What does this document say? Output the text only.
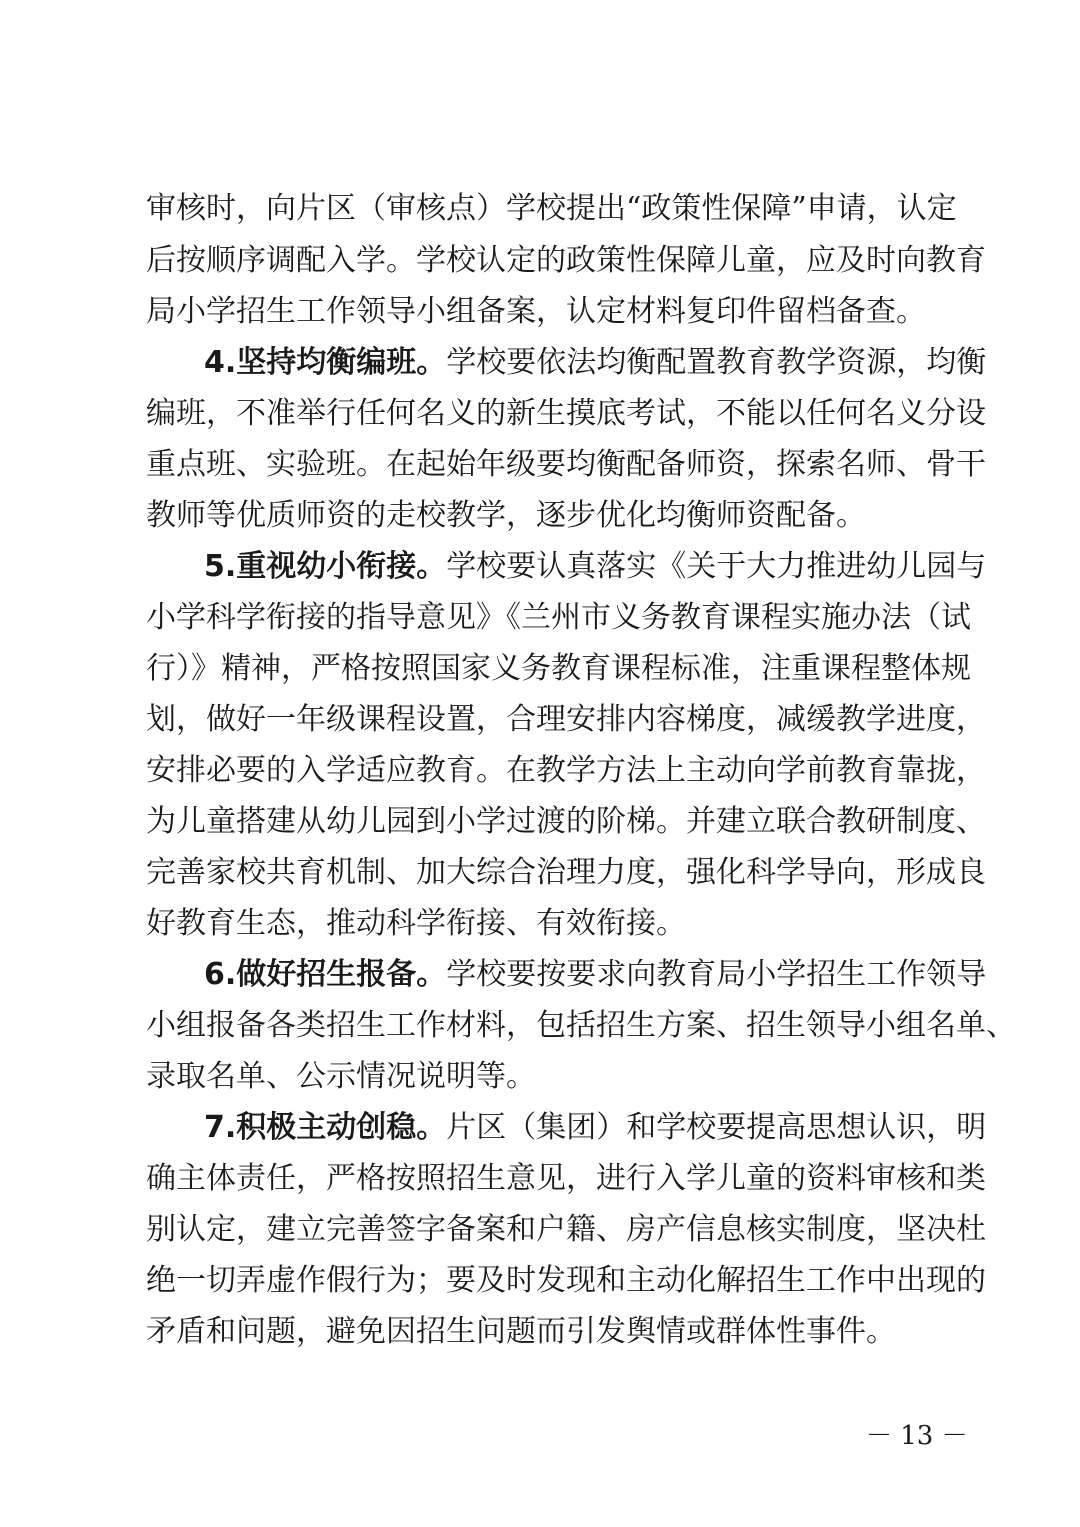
审核时，向片区（审核点）学校提出“政策性保障”申请，认定
后按顺序调配入学。学校认定的政策性保障儿童，应及时向教育
局小学招生工作领导小组备案，认定材料复印件留档备查。
4.坚持均衡编班。学校要依法均衡配置教育教学资源，均衡
编班，不准举行任何名义的新生摸底考试，不能以任何名义分设
重点班、实验班。在起始年级要均衡配备师资，探索名师、骨干
教师等优质师资的走校教学，逐步优化均衡师资配备。
5.重视幼小衔接。学校要认真落实《关于大力推进幼儿园与
小学科学衔接的指导意见》《兰州市义务教育课程实施办法（试
行）》精神，严格按照国家义务教育课程标准，注重课程整体规
划，做好一年级课程设置，合理安排内容梯度，减缓教学进度，
安排必要的入学适应教育。在教学方法上主动向学前教育靠拢，
为儿童搭建从幼儿园到小学过渡的阶梯。并建立联合教研制度、
完善家校共育机制、加大综合治理力度，强化科学导向，形成良
好教育生态，推动科学衔接、有效衔接。
6.做好招生报备。学校要按要求向教育局小学招生工作领导
小组报备各类招生工作材料，包括招生方案、招生领导小组名单、
录取名单、公示情况说明等。
7.积极主动创稳。片区（集团）和学校要提高思想认识，明
确主体责任，严格按照招生意见，进行入学儿童的资料审核和类
别认定，建立完善签字备案和户籍、房产信息核实制度，坚决杜
绝一切弄虚作假行为；要及时发现和主动化解招生工作中出现的
矛盾和问题，避免因招生问题而引发舆情或群体性事件。
－ 13 －
